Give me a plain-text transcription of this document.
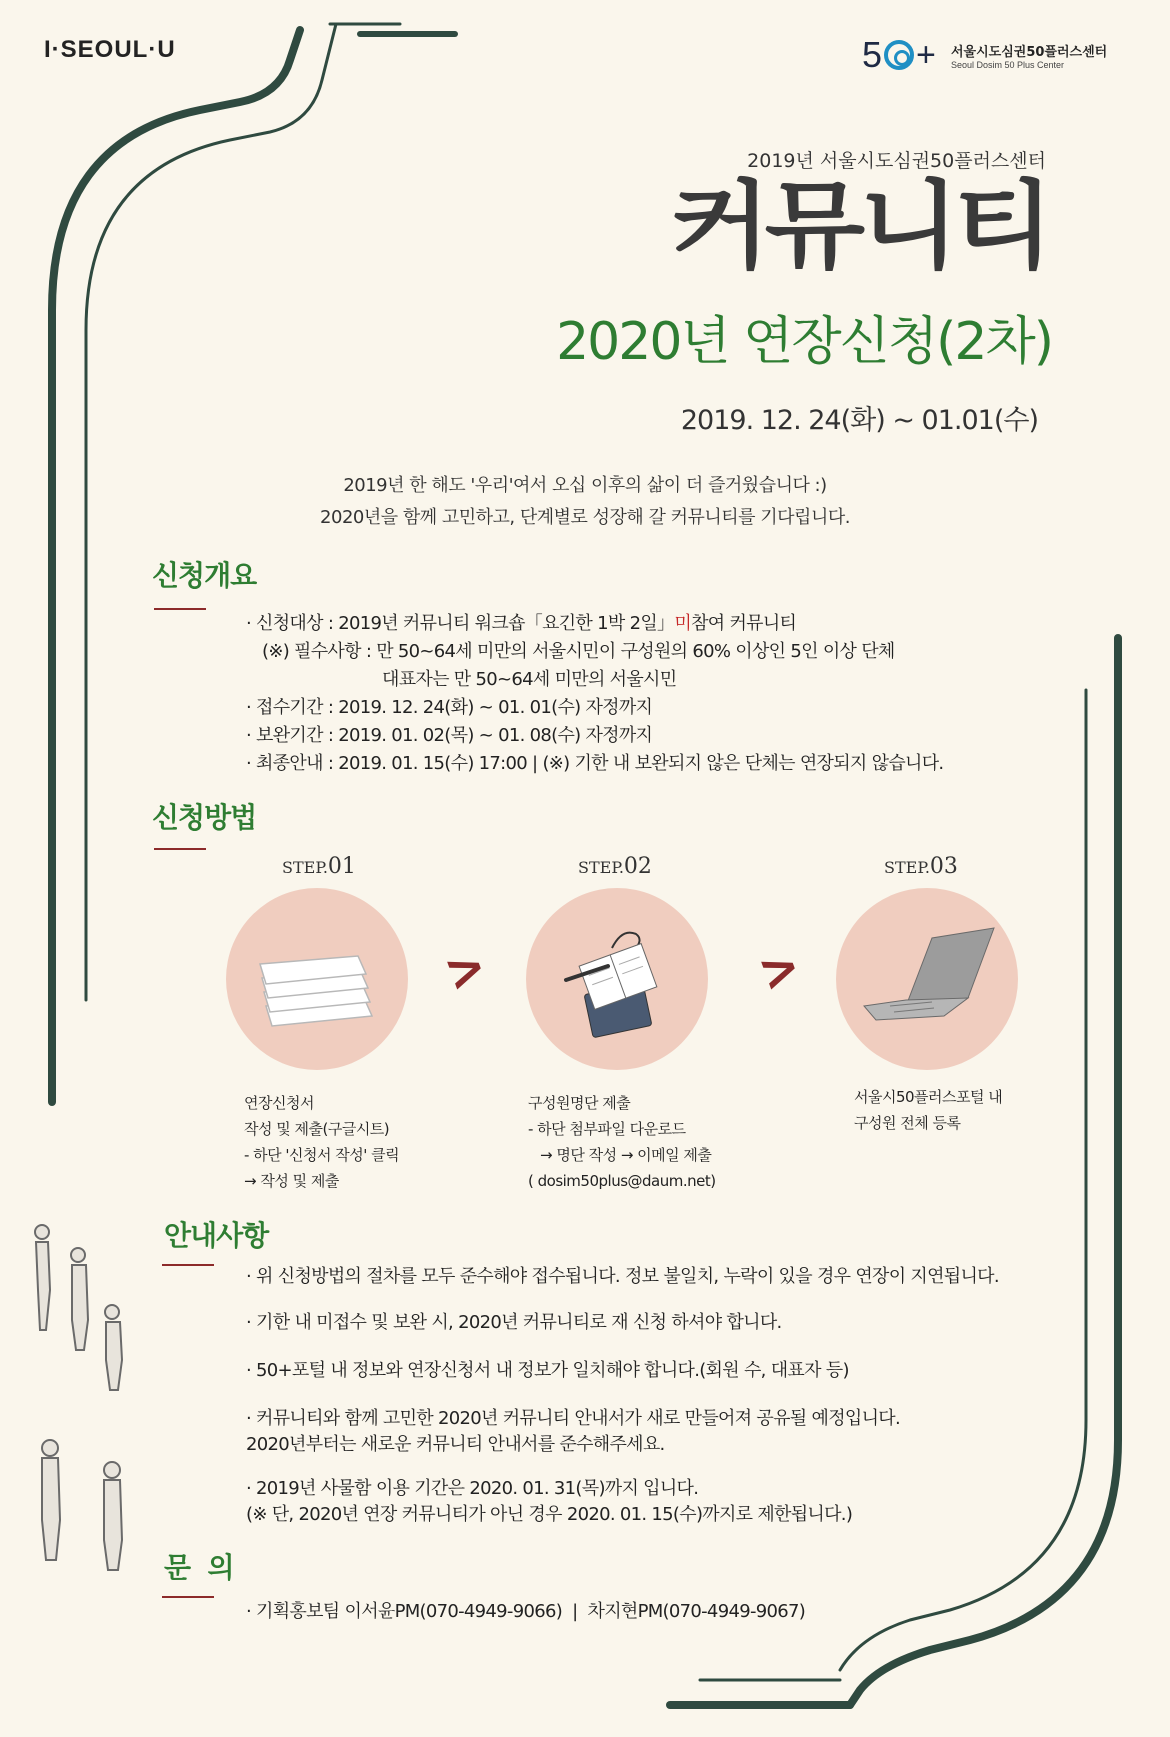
I·SEOUL·U	5 + 서울시도심권50플러스센터
Seoul Dosim 50 Plus Center
2019년 서울시도심권50플러스센터
커뮤니티
2020년 연장신청(2차)
2019. 12. 24(화) ~ 01.01(수)
2019년 한 해도 '우리'여서 오십 이후의 삶이 더 즐거웠습니다 :)
2020년을 함께 고민하고, 단계별로 성장해 갈 커뮤니티를 기다립니다.
신청개요
· 신청대상 : 2019년 커뮤니티 워크숍「요긴한 1박 2일」미참여 커뮤니티
(※) 필수사항 : 만 50~64세 미만의 서울시민이 구성원의 60% 이상인 5인 이상 단체
대표자는 만 50~64세 미만의 서울시민
· 접수기간 : 2019. 12. 24(화) ~ 01. 01(수) 자정까지
· 보완기간 : 2019. 01. 02(목) ~ 01. 08(수) 자정까지
· 최종안내 : 2019. 01. 15(수) 17:00 | (※) 기한 내 보완되지 않은 단체는 연장되지 않습니다.
신청방법
STEP.01
>
연장신청서
작성 및 제출(구글시트)
- 하단 '신청서 작성' 클릭
→ 작성 및 제출
STEP.02
>
구성원명단 제출
- 하단 첨부파일 다운로드
→ 명단 작성 → 이메일 제출
( dosim50plus@daum.net)
STEP.03
서울시50플러스포털 내
구성원 전체 등록
안내사항
· 위 신청방법의 절차를 모두 준수해야 접수됩니다. 정보 불일치, 누락이 있을 경우 연장이 지연됩니다.
· 기한 내 미접수 및 보완 시, 2020년 커뮤니티로 재 신청 하셔야 합니다.
· 50+포털 내 정보와 연장신청서 내 정보가 일치해야 합니다.(회원 수, 대표자 등)
· 커뮤니티와 함께 고민한 2020년 커뮤니티 안내서가 새로 만들어져 공유될 예정입니다.
2020년부터는 새로운 커뮤니티 안내서를 준수해주세요.
· 2019년 사물함 이용 기간은 2020. 01. 31(목)까지 입니다.
(※ 단, 2020년 연장 커뮤니티가 아닌 경우 2020. 01. 15(수)까지로 제한됩니다.)
문  의
· 기획홍보팀 이서윤PM(070-4949-9066)  |  차지현PM(070-4949-9067)
